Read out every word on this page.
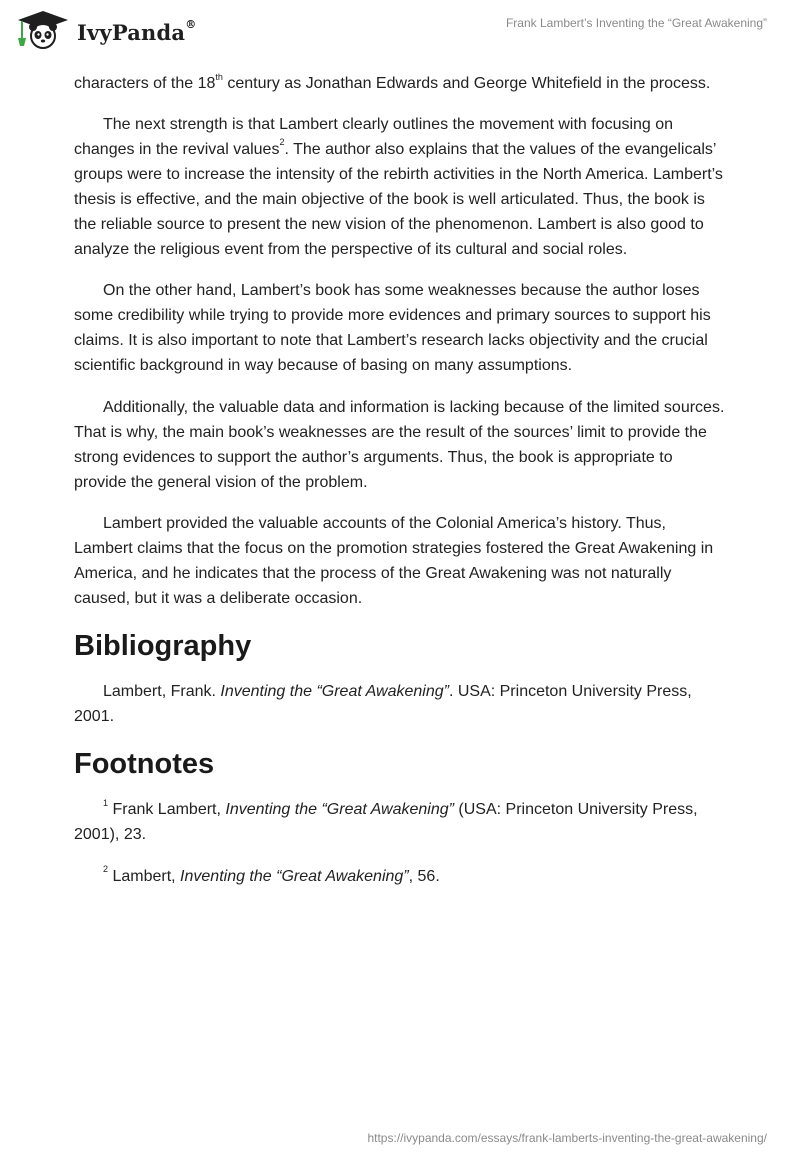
IvyPanda®	Frank Lambert’s Inventing the “Great Awakening”

characters of the 18th century as Jonathan Edwards and George Whitefield in the process.

The next strength is that Lambert clearly outlines the movement with focusing on changes in the revival values$^2$. The author also explains that the values of the evangelicals’ groups were to increase the intensity of the rebirth activities in the North America. Lambert’s thesis is effective, and the main objective of the book is well articulated. Thus, the book is the reliable source to present the new vision of the phenomenon. Lambert is also good to analyze the religious event from the perspective of its cultural and social roles.

On the other hand, Lambert’s book has some weaknesses because the author loses some credibility while trying to provide more evidences and primary sources to support his claims. It is also important to note that Lambert’s research lacks objectivity and the crucial scientific background in way because of basing on many assumptions.

Additionally, the valuable data and information is lacking because of the limited sources. That is why, the main book’s weaknesses are the result of the sources’ limit to provide the strong evidences to support the author’s arguments. Thus, the book is appropriate to provide the general vision of the problem.

Lambert provided the valuable accounts of the Colonial America’s history. Thus, Lambert claims that the focus on the promotion strategies fostered the Great Awakening in America, and he indicates that the process of the Great Awakening was not naturally caused, but it was a deliberate occasion.

Bibliography

Lambert, Frank. Inventing the “Great Awakening”. USA: Princeton University Press, 2001.

Footnotes

$^1$ Frank Lambert, Inventing the “Great Awakening” (USA: Princeton University Press, 2001), 23.

$^2$ Lambert, Inventing the “Great Awakening”, 56.

https://ivypanda.com/essays/frank-lamberts-inventing-the-great-awakening/
